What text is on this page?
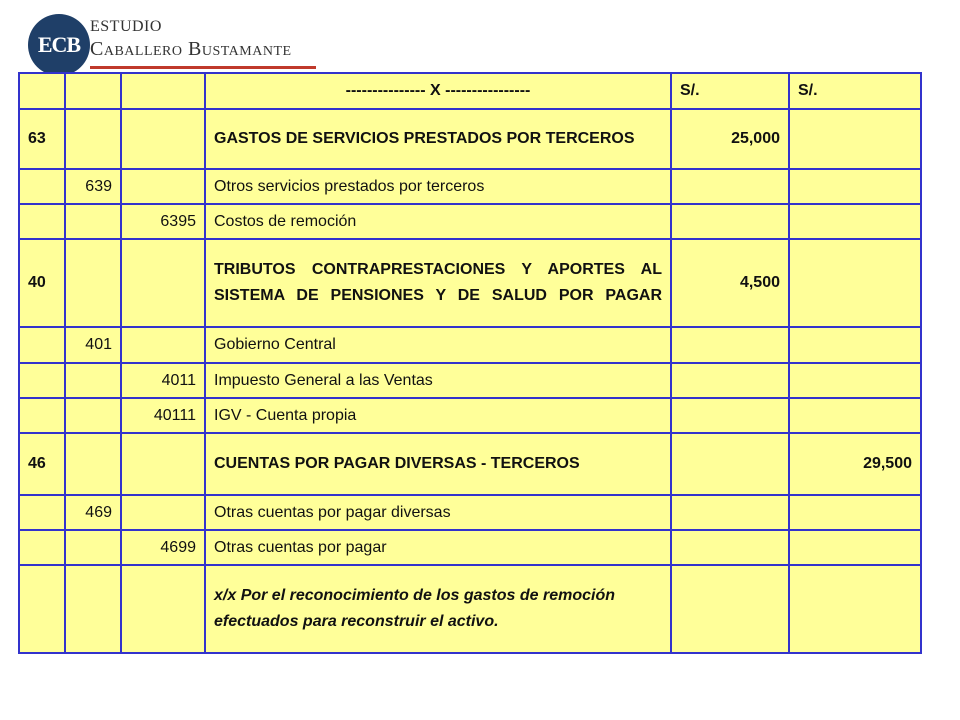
ECB
ESTUDIO
Caballero Bustamante
			--------------- X ----------------	S/.	S/.
63			GASTOS DE SERVICIOS PRESTADOS POR TERCEROS	25,000	
	639		Otros servicios prestados por terceros		
		6395	Costos de remoción		
40			TRIBUTOS CONTRAPRESTACIONES Y APORTES AL SISTEMA DE PENSIONES Y DE SALUD POR PAGAR	4,500	
	401		Gobierno Central		
		4011	Impuesto General a las Ventas		
		40111	IGV - Cuenta propia		
46			CUENTAS POR PAGAR DIVERSAS - TERCEROS		29,500
	469		Otras cuentas por pagar diversas		
		4699	Otras cuentas por pagar		
			x/x Por el reconocimiento de los gastos de remoción efectuados para reconstruir el activo.		
